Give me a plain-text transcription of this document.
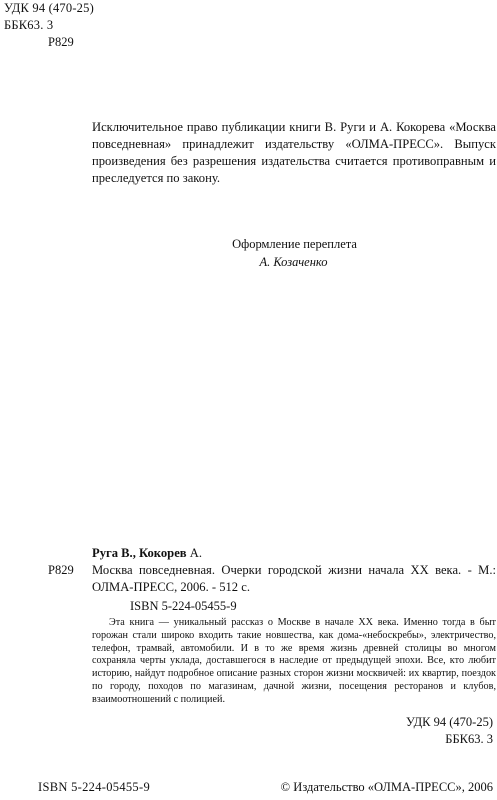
УДК 94 (470-25)

ББК63. 3

Р829

Исключительное право публикации книги В. Руги и А. Кокорева «Москва повседневная» принадлежит издательству «ОЛМА-ПРЕСС». Выпуск произведения без разрешения издательства считается противоправным и преследуется по закону.

Оформление переплета

А. Козаченко

Руга В., Кокорев А.

Р829 Москва повседневная. Очерки городской жизни начала XX века. - М.: ОЛМА-ПРЕСС, 2006. - 512 с.

ISBN 5-224-05455-9

Эта книга — уникальный рассказ о Москве в начале XX века. Именно тогда в быт горожан стали широко входить такие новшества, как дома-«небоскребы», электричество, телефон, трамвай, автомобили. И в то же время жизнь древней столицы во многом сохраняла черты уклада, доставшегося в наследие от предыдущей эпохи. Все, кто любит историю, найдут подробное описание разных сторон жизни москвичей: их квартир, поездок по городу, походов по магазинам, дачной жизни, посещения ресторанов и клубов, взаимоотношений с полицией.

УДК 94 (470-25)

ББК63. 3

ISBN 5-224-05455-9	© Издательство «ОЛМА-ПРЕСС», 2006
